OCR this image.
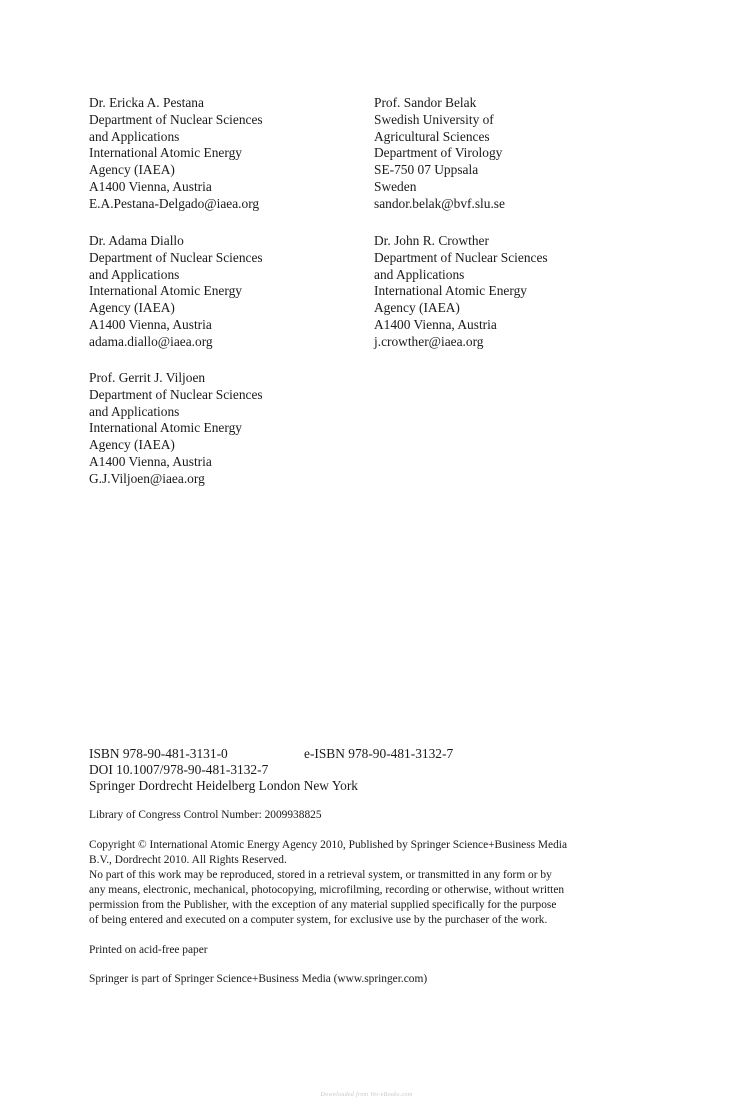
Dr. Ericka A. Pestana
Department of Nuclear Sciences
and Applications
International Atomic Energy
Agency (IAEA)
A1400 Vienna, Austria
E.A.Pestana-Delgado@iaea.org
Prof. Sandor Belak
Swedish University of
Agricultural Sciences
Department of Virology
SE-750 07 Uppsala
Sweden
sandor.belak@bvf.slu.se
Dr. Adama Diallo
Department of Nuclear Sciences
and Applications
International Atomic Energy
Agency (IAEA)
A1400 Vienna, Austria
adama.diallo@iaea.org
Dr. John R. Crowther
Department of Nuclear Sciences
and Applications
International Atomic Energy
Agency (IAEA)
A1400 Vienna, Austria
j.crowther@iaea.org
Prof. Gerrit J. Viljoen
Department of Nuclear Sciences
and Applications
International Atomic Energy
Agency (IAEA)
A1400 Vienna, Austria
G.J.Viljoen@iaea.org
ISBN 978-90-481-3131-0	e-ISBN 978-90-481-3132-7
DOI 10.1007/978-90-481-3132-7
Springer Dordrecht Heidelberg London New York
Library of Congress Control Number: 2009938825
Copyright © International Atomic Energy Agency 2010, Published by Springer Science+Business Media
B.V., Dordrecht 2010. All Rights Reserved.
No part of this work may be reproduced, stored in a retrieval system, or transmitted in any form or by
any means, electronic, mechanical, photocopying, microfilming, recording or otherwise, without written
permission from the Publisher, with the exception of any material supplied specifically for the purpose
of being entered and executed on a computer system, for exclusive use by the purchaser of the work.
Printed on acid-free paper
Springer is part of Springer Science+Business Media (www.springer.com)
Downloaded from Vet-eBooks.com
